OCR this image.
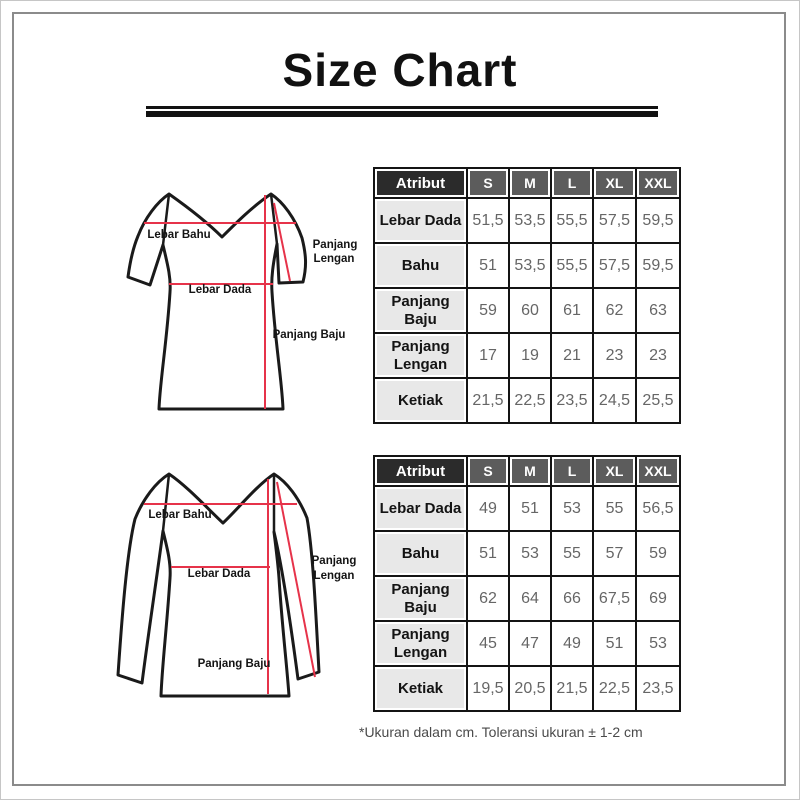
Size Chart
Lebar Bahu
Lebar Dada
Panjang
Lengan
Panjang Baju
Atribut	S	M	L	XL	XXL
Lebar Dada	51,5	53,5	55,5	57,5	59,5
Bahu	51	53,5	55,5	57,5	59,5
Panjang Baju	59	60	61	62	63
Panjang Lengan	17	19	21	23	23
Ketiak	21,5	22,5	23,5	24,5	25,5
Lebar Bahu
Lebar Dada
Panjang
Lengan
Panjang Baju
Atribut	S	M	L	XL	XXL
Lebar Dada	49	51	53	55	56,5
Bahu	51	53	55	57	59
Panjang Baju	62	64	66	67,5	69
Panjang Lengan	45	47	49	51	53
Ketiak	19,5	20,5	21,5	22,5	23,5
*Ukuran dalam cm. Toleransi ukuran ± 1-2 cm
